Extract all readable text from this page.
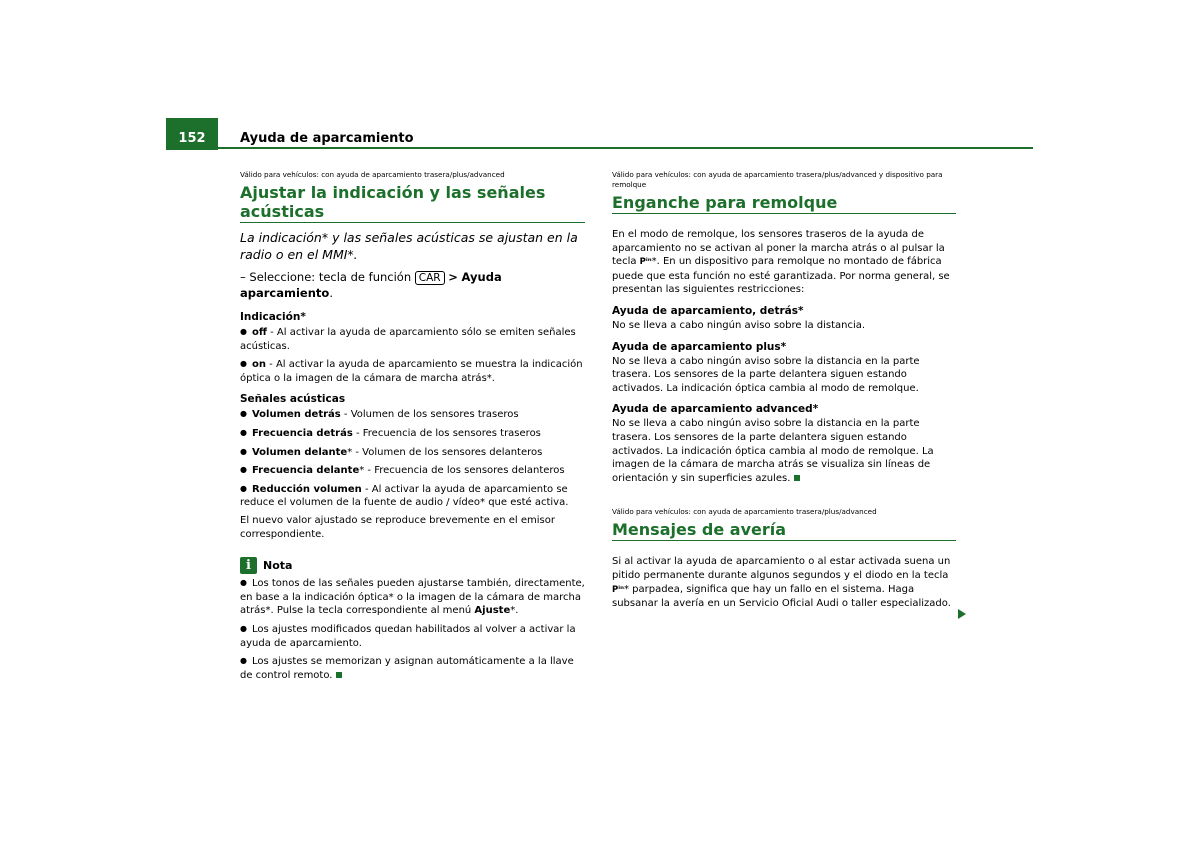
152	Ayuda de aparcamiento

Válido para vehículos: con ayuda de aparcamiento trasera/plus/advanced

Ajustar la indicación y las señales acústicas

La indicación* y las señales acústicas se ajustan en la radio o en el MMI*.

– Seleccione: tecla de función CAR > Ayuda aparcamiento.

Indicación*

● off - Al activar la ayuda de aparcamiento sólo se emiten señales acústicas.

● on - Al activar la ayuda de aparcamiento se muestra la indicación óptica o la imagen de la cámara de marcha atrás*.

Señales acústicas

● Volumen detrás - Volumen de los sensores traseros

● Frecuencia detrás - Frecuencia de los sensores traseros

● Volumen delante* - Volumen de los sensores delanteros

● Frecuencia delante* - Frecuencia de los sensores delanteros

● Reducción volumen - Al activar la ayuda de aparcamiento se reduce el volumen de la fuente de audio / vídeo* que esté activa.

El nuevo valor ajustado se reproduce brevemente en el emisor correspondiente.

i	Nota

● Los tonos de las señales pueden ajustarse también, directamente, en base a la indicación óptica* o la imagen de la cámara de marcha atrás*. Pulse la tecla correspondiente al menú Ajuste*.

● Los ajustes modificados quedan habilitados al volver a activar la ayuda de aparcamiento.

● Los ajustes se memorizan y asignan automáticamente a la llave de control remoto.

Válido para vehículos: con ayuda de aparcamiento trasera/plus/advanced y dispositivo para remolque

Enganche para remolque

En el modo de remolque, los sensores traseros de la ayuda de aparcamiento no se activan al poner la marcha atrás o al pulsar la tecla Pⁱⁿ*. En un dispositivo para remolque no montado de fábrica puede que esta función no esté garantizada. Por norma general, se presentan las siguientes restricciones:

Ayuda de aparcamiento, detrás*

No se lleva a cabo ningún aviso sobre la distancia.

Ayuda de aparcamiento plus*

No se lleva a cabo ningún aviso sobre la distancia en la parte trasera. Los sensores de la parte delantera siguen estando activados. La indicación óptica cambia al modo de remolque.

Ayuda de aparcamiento advanced*

No se lleva a cabo ningún aviso sobre la distancia en la parte trasera. Los sensores de la parte delantera siguen estando activados. La indicación óptica cambia al modo de remolque. La imagen de la cámara de marcha atrás se visualiza sin líneas de orientación y sin superficies azules.

Válido para vehículos: con ayuda de aparcamiento trasera/plus/advanced

Mensajes de avería

Si al activar la ayuda de aparcamiento o al estar activada suena un pitido permanente durante algunos segundos y el diodo en la tecla Pⁱⁿ* parpadea, significa que hay un fallo en el sistema. Haga subsanar la avería en un Servicio Oficial Audi o taller especializado.
